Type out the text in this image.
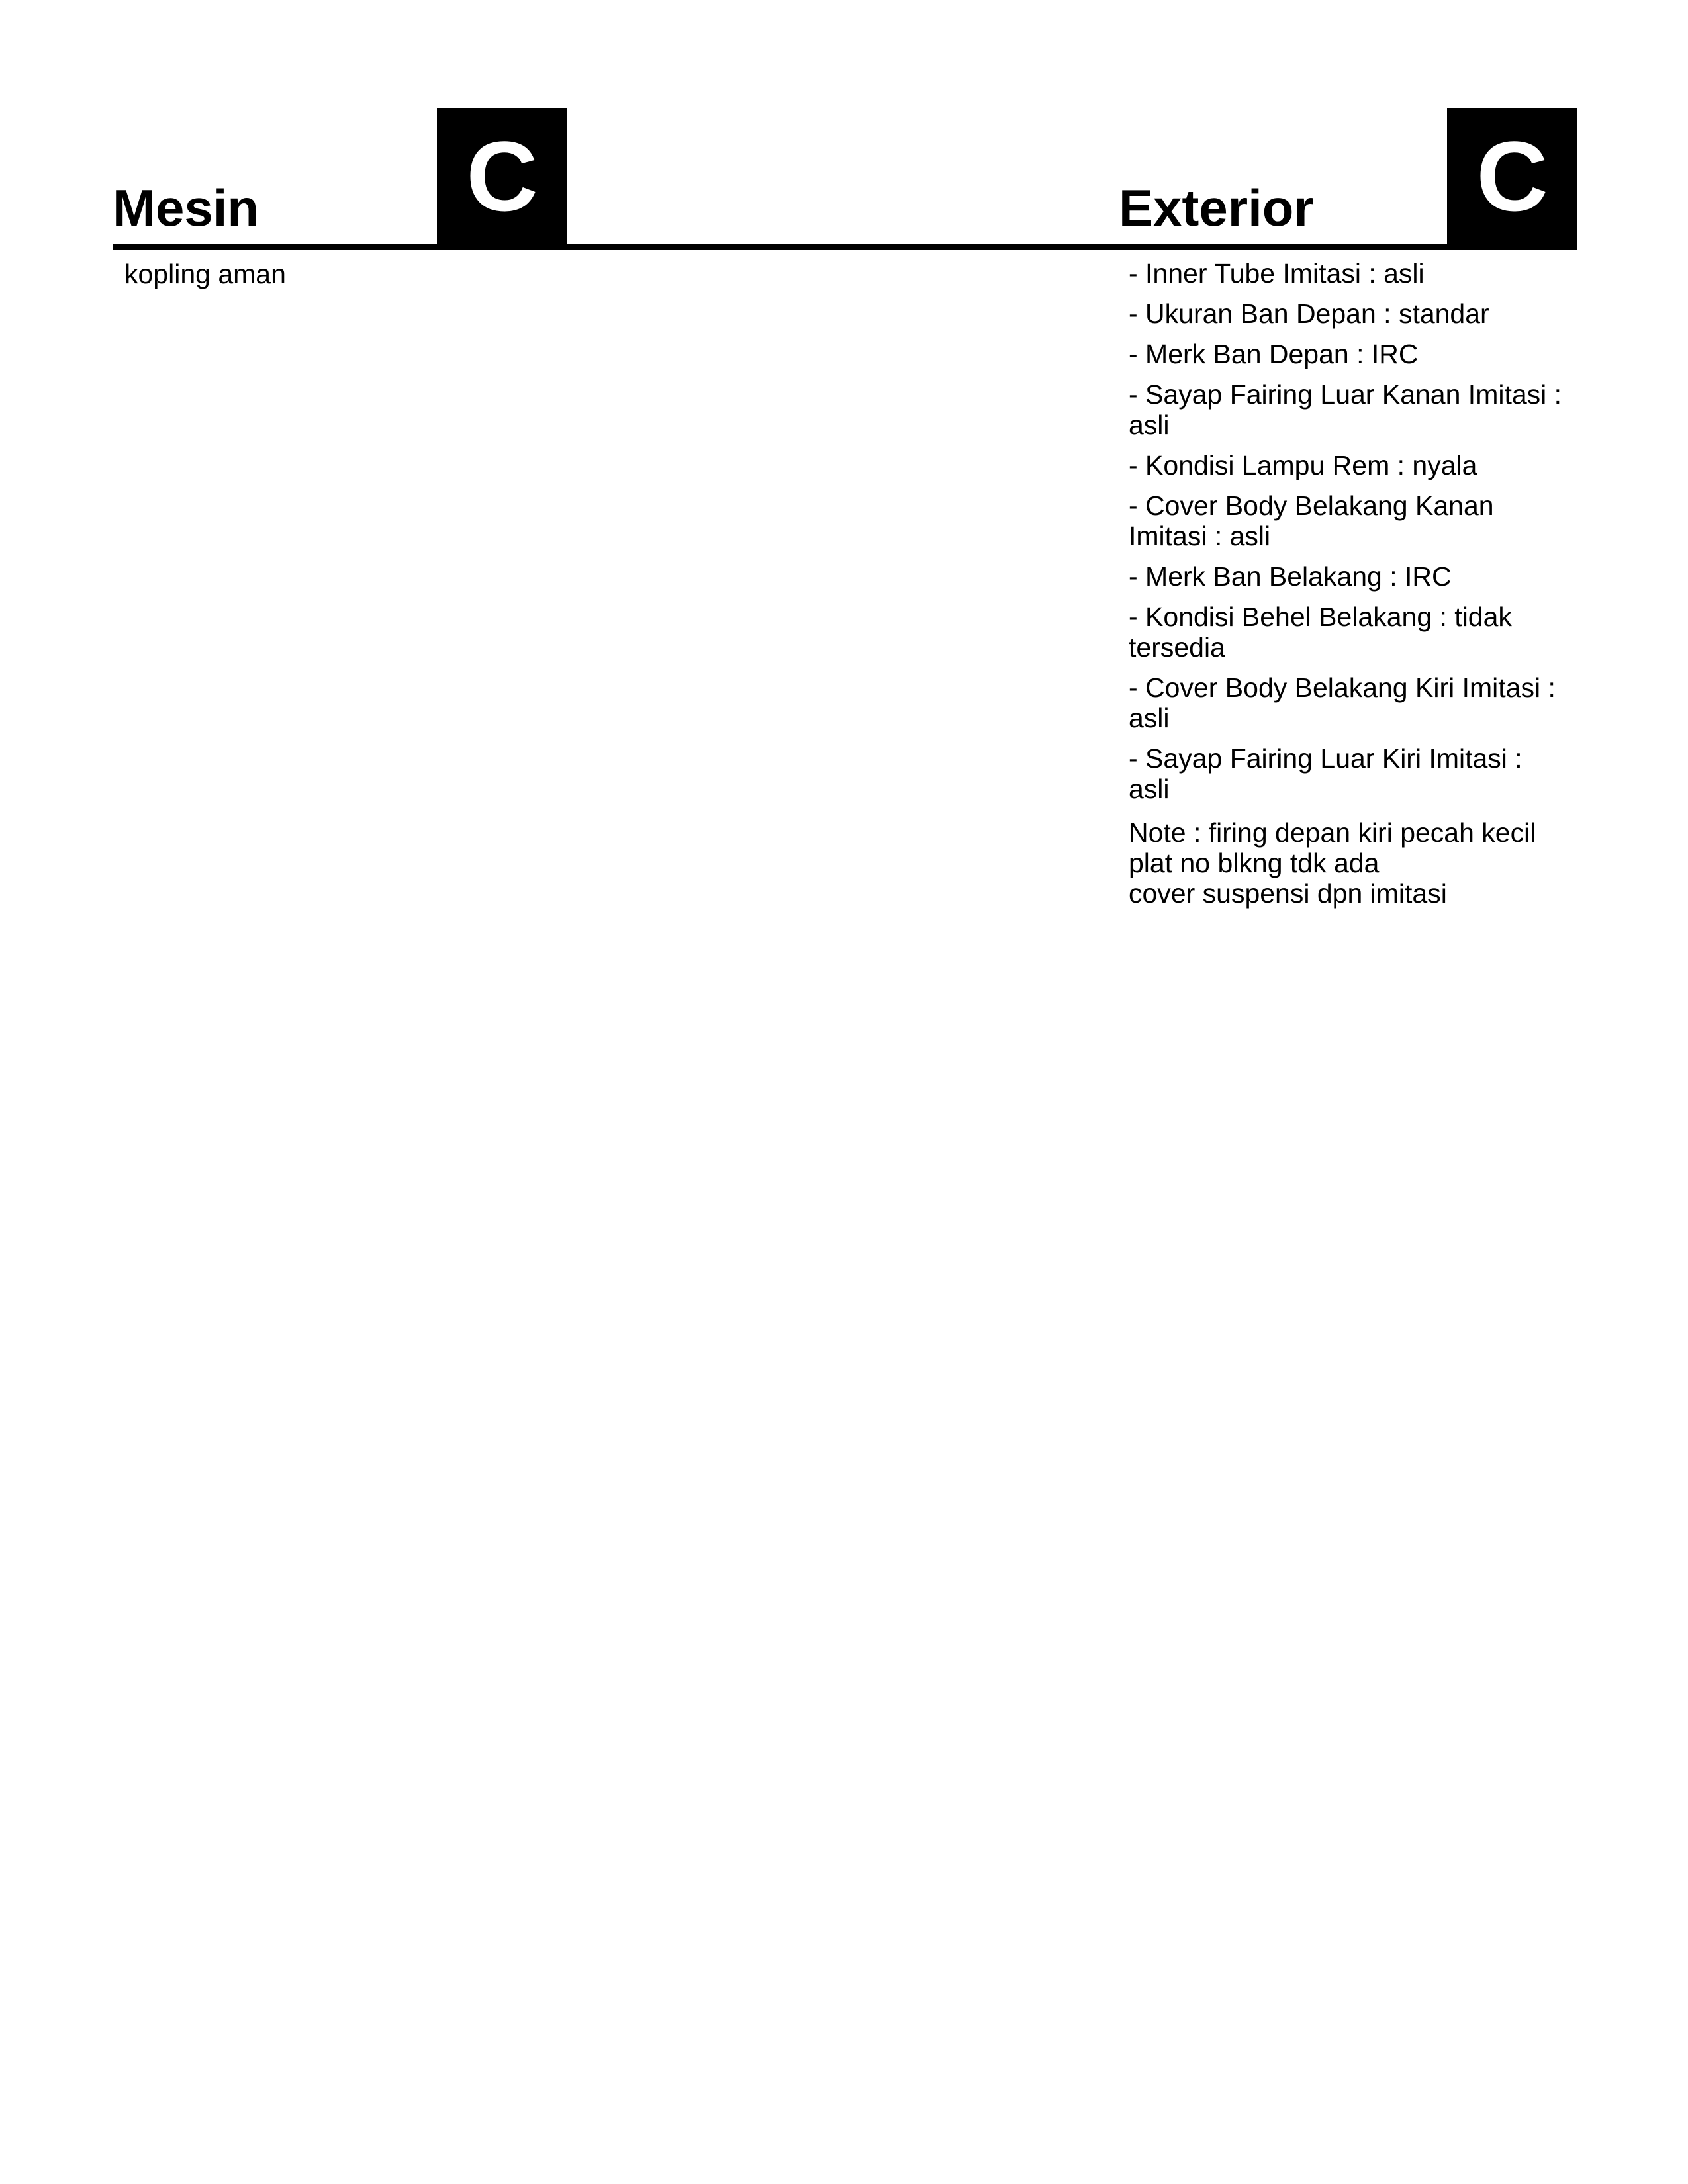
Mesin C
kopling aman
Exterior C
- Inner Tube Imitasi : asli
- Ukuran Ban Depan : standar
- Merk Ban Depan : IRC
- Sayap Fairing Luar Kanan Imitasi : asli
- Kondisi Lampu Rem : nyala
- Cover Body Belakang Kanan Imitasi : asli
- Merk Ban Belakang : IRC
- Kondisi Behel Belakang : tidak tersedia
- Cover Body Belakang Kiri Imitasi : asli
- Sayap Fairing Luar Kiri Imitasi : asli
Note : firing depan kiri pecah kecil
plat no blkng tdk ada
cover suspensi dpn imitasi
